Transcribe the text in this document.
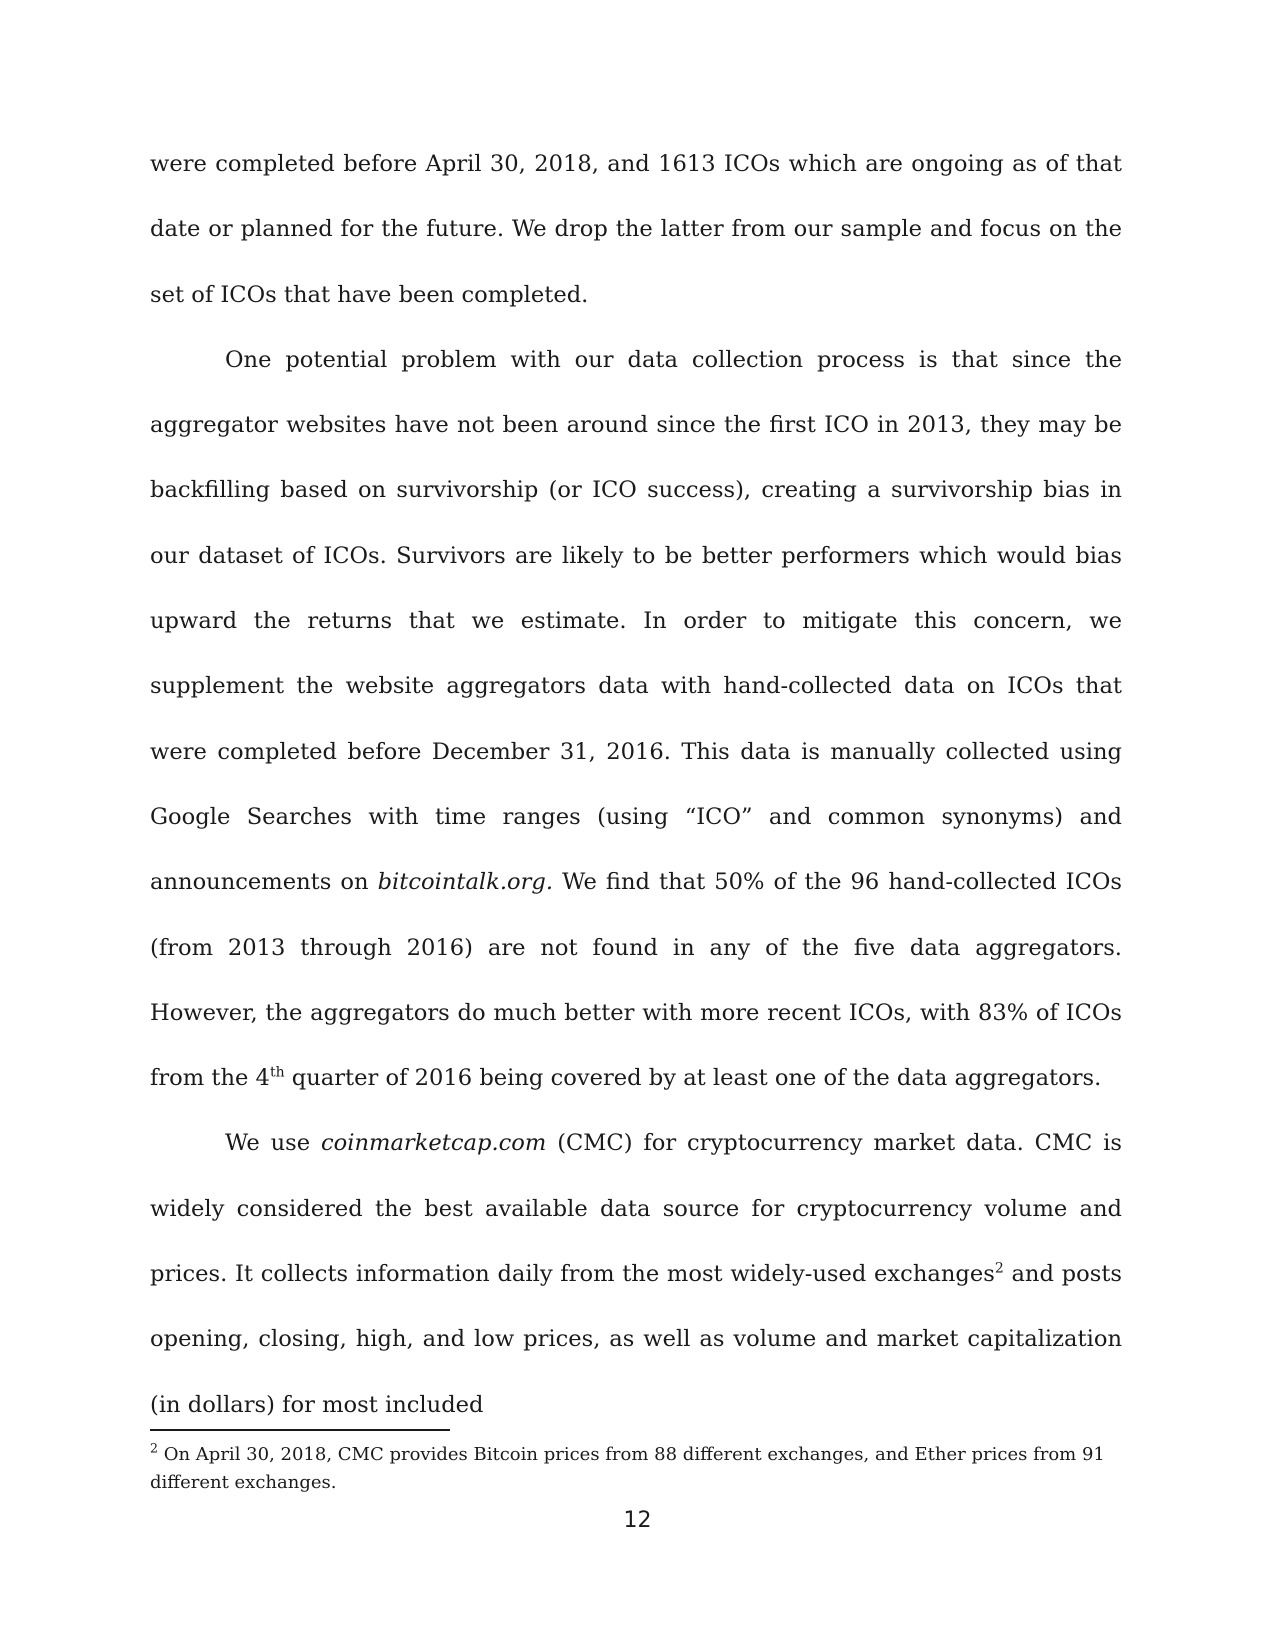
were completed before April 30, 2018, and 1613 ICOs which are ongoing as of that date or planned for the future. We drop the latter from our sample and focus on the set of ICOs that have been completed.

One potential problem with our data collection process is that since the aggregator websites have not been around since the first ICO in 2013, they may be backfilling based on survivorship (or ICO success), creating a survivorship bias in our dataset of ICOs. Survivors are likely to be better performers which would bias upward the returns that we estimate. In order to mitigate this concern, we supplement the website aggregators data with hand-collected data on ICOs that were completed before December 31, 2016. This data is manually collected using Google Searches with time ranges (using “ICO” and common synonyms) and announcements on bitcointalk.org. We find that 50% of the 96 hand-collected ICOs (from 2013 through 2016) are not found in any of the five data aggregators. However, the aggregators do much better with more recent ICOs, with 83% of ICOs from the 4th quarter of 2016 being covered by at least one of the data aggregators.

We use coinmarketcap.com (CMC) for cryptocurrency market data. CMC is widely considered the best available data source for cryptocurrency volume and prices. It collects information daily from the most widely-used exchanges$^2$ and posts opening, closing, high, and low prices, as well as volume and market capitalization (in dollars) for most included

$^2$ On April 30, 2018, CMC provides Bitcoin prices from 88 different exchanges, and Ether prices from 91 different exchanges.
12
